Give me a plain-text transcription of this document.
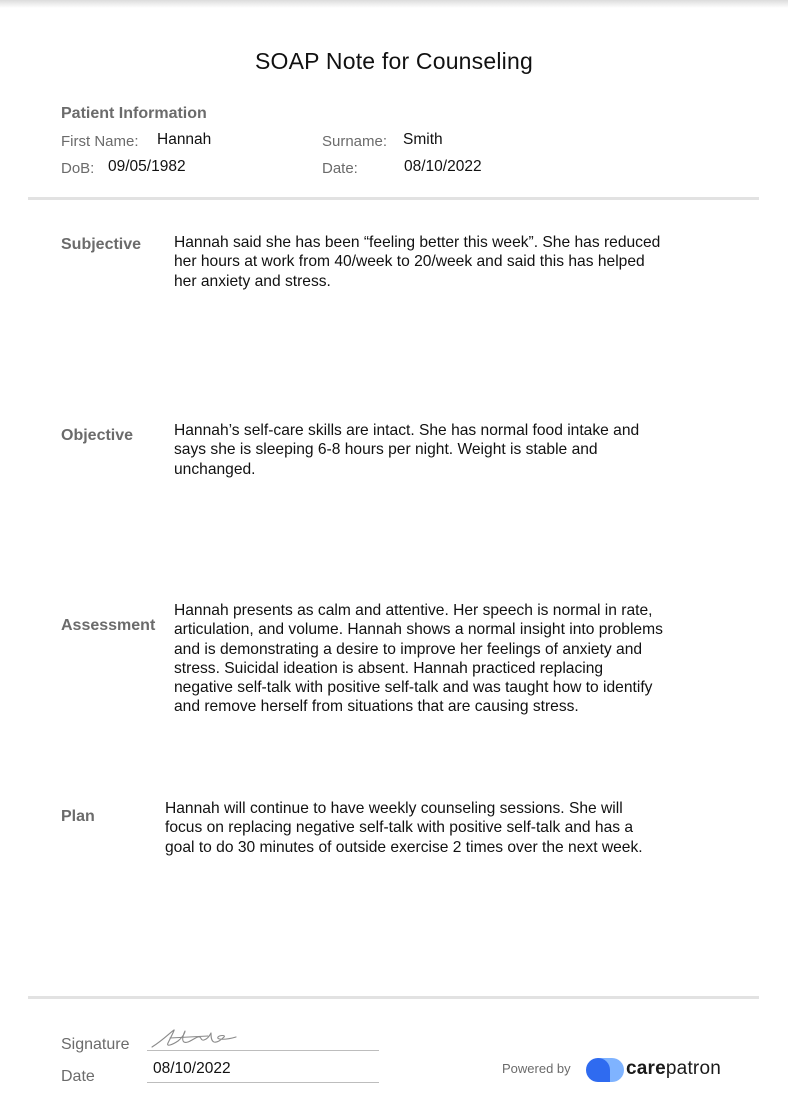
SOAP Note for Counseling
Patient Information
First Name: Hannah	Surname: Smith
DoB: 09/05/1982	Date:	08/10/2022
Subjective Hannah said she has been “feeling better this week”. She has reduced
her hours at work from 40/week to 20/week and said this has helped
her anxiety and stress.
Objective	Hannah’s self-care skills are intact. She has normal food intake and
says she is sleeping 6-8 hours per night. Weight is stable and
unchanged.
Assessment
Hannah presents as calm and attentive. Her speech is normal in rate,
articulation, and volume. Hannah shows a normal insight into problems
and is demonstrating a desire to improve her feelings of anxiety and
stress. Suicidal ideation is absent. Hannah practiced replacing
negative self-talk with positive self-talk and was taught how to identify
and remove herself from situations that are causing stress.
Plan	Hannah will continue to have weekly counseling sessions. She will
focus on replacing negative self-talk with positive self-talk and has a
goal to do 30 minutes of outside exercise 2 times over the next week.
Signature
Date	08/10/2022	Powered by	carepatron
